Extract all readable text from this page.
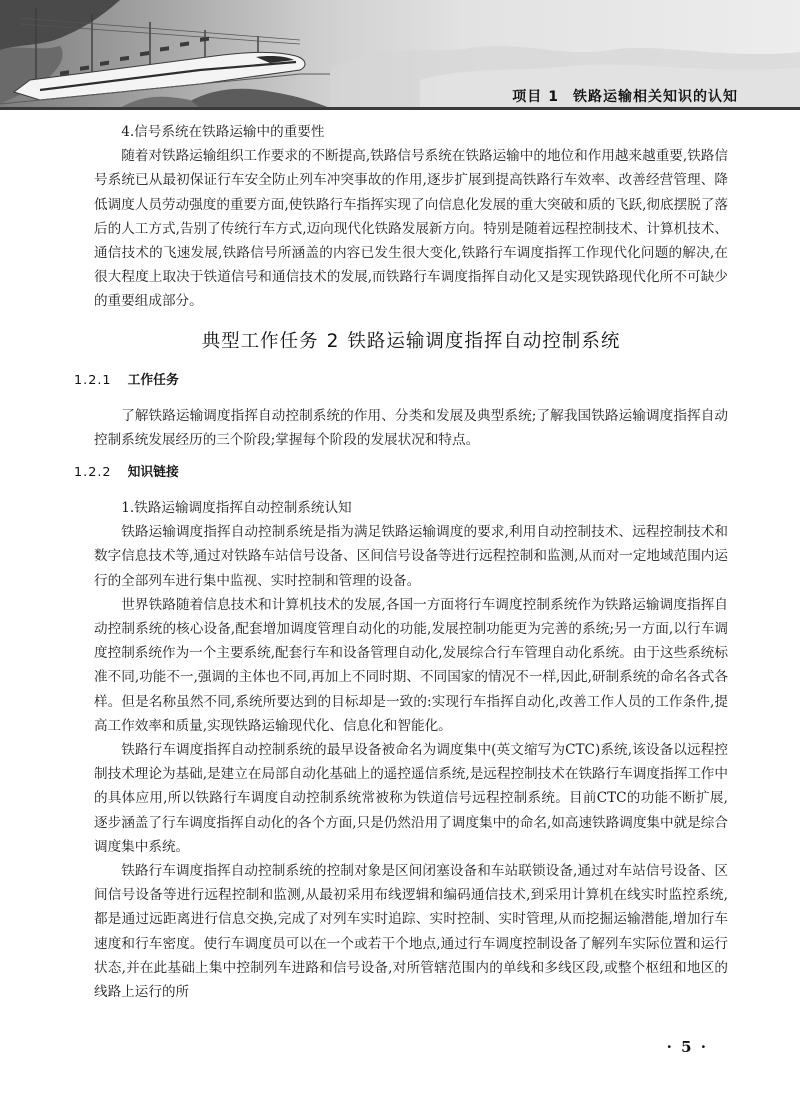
项目 1 铁路运输相关知识的认知

4.信号系统在铁路运输中的重要性

随着对铁路运输组织工作要求的不断提高,铁路信号系统在铁路运输中的地位和作用越来越重要,铁路信号系统已从最初保证行车安全防止列车冲突事故的作用,逐步扩展到提高铁路行车效率、改善经营管理、降低调度人员劳动强度的重要方面,使铁路行车指挥实现了向信息化发展的重大突破和质的飞跃,彻底摆脱了落后的人工方式,告别了传统行车方式,迈向现代化铁路发展新方向。特别是随着远程控制技术、计算机技术、通信技术的飞速发展,铁路信号所涵盖的内容已发生很大变化,铁路行车调度指挥工作现代化问题的解决,在很大程度上取决于铁道信号和通信技术的发展,而铁路行车调度指挥自动化又是实现铁路现代化所不可缺少的重要组成部分。

典型工作任务 2 铁路运输调度指挥自动控制系统
1.2.1 工作任务

了解铁路运输调度指挥自动控制系统的作用、分类和发展及典型系统;了解我国铁路运输调度指挥自动控制系统发展经历的三个阶段;掌握每个阶段的发展状况和特点。

1.2.2 知识链接

1.铁路运输调度指挥自动控制系统认知

铁路运输调度指挥自动控制系统是指为满足铁路运输调度的要求,利用自动控制技术、远程控制技术和数字信息技术等,通过对铁路车站信号设备、区间信号设备等进行远程控制和监测,从而对一定地域范围内运行的全部列车进行集中监视、实时控制和管理的设备。

世界铁路随着信息技术和计算机技术的发展,各国一方面将行车调度控制系统作为铁路运输调度指挥自动控制系统的核心设备,配套增加调度管理自动化的功能,发展控制功能更为完善的系统;另一方面,以行车调度控制系统作为一个主要系统,配套行车和设备管理自动化,发展综合行车管理自动化系统。由于这些系统标准不同,功能不一,强调的主体也不同,再加上不同时期、不同国家的情况不一样,因此,研制系统的命名各式各样。但是名称虽然不同,系统所要达到的目标却是一致的:实现行车指挥自动化,改善工作人员的工作条件,提高工作效率和质量,实现铁路运输现代化、信息化和智能化。

铁路行车调度指挥自动控制系统的最早设备被命名为调度集中(英文缩写为CTC)系统,该设备以远程控制技术理论为基础,是建立在局部自动化基础上的遥控遥信系统,是远程控制技术在铁路行车调度指挥工作中的具体应用,所以铁路行车调度自动控制系统常被称为铁道信号远程控制系统。目前CTC的功能不断扩展,逐步涵盖了行车调度指挥自动化的各个方面,只是仍然沿用了调度集中的命名,如高速铁路调度集中就是综合调度集中系统。

铁路行车调度指挥自动控制系统的控制对象是区间闭塞设备和车站联锁设备,通过对车站信号设备、区间信号设备等进行远程控制和监测,从最初采用布线逻辑和编码通信技术,到采用计算机在线实时监控系统,都是通过远距离进行信息交换,完成了对列车实时追踪、实时控制、实时管理,从而挖掘运输潜能,增加行车速度和行车密度。使行车调度员可以在一个或若干个地点,通过行车调度控制设备了解列车实际位置和运行状态,并在此基础上集中控制列车进路和信号设备,对所管辖范围内的单线和多线区段,或整个枢纽和地区的线路上运行的所

· 5 ·
